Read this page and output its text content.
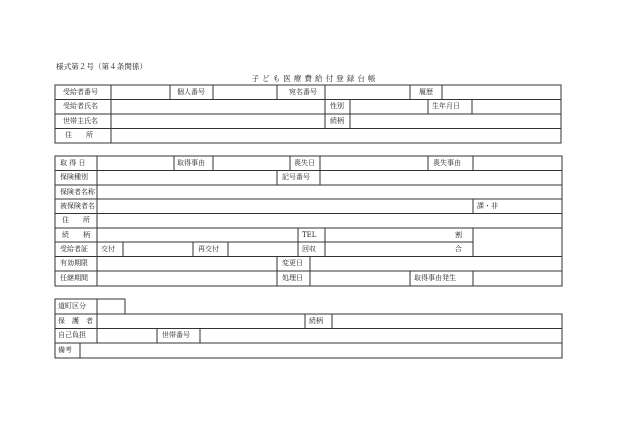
様式第２号（第４条関係）
子ども医療費給付登録台帳
受給者番号	個人番号	宛名番号	履歴
受給者氏名	性別	生年月日
世帯主氏名	続柄
住　　所
取 得 日	取得事由	喪失日	喪失事由
保険種別	記号番号
保険者名称
被保険者名	課・非
住　　所
続　　柄	TEL	割
受給者証 交付	再交付	回収	合
有効期限	変更日
任継期間	処理日	取得事由発生
道町区分
保　護　者	続柄
自己負担	世帯番号
備考
